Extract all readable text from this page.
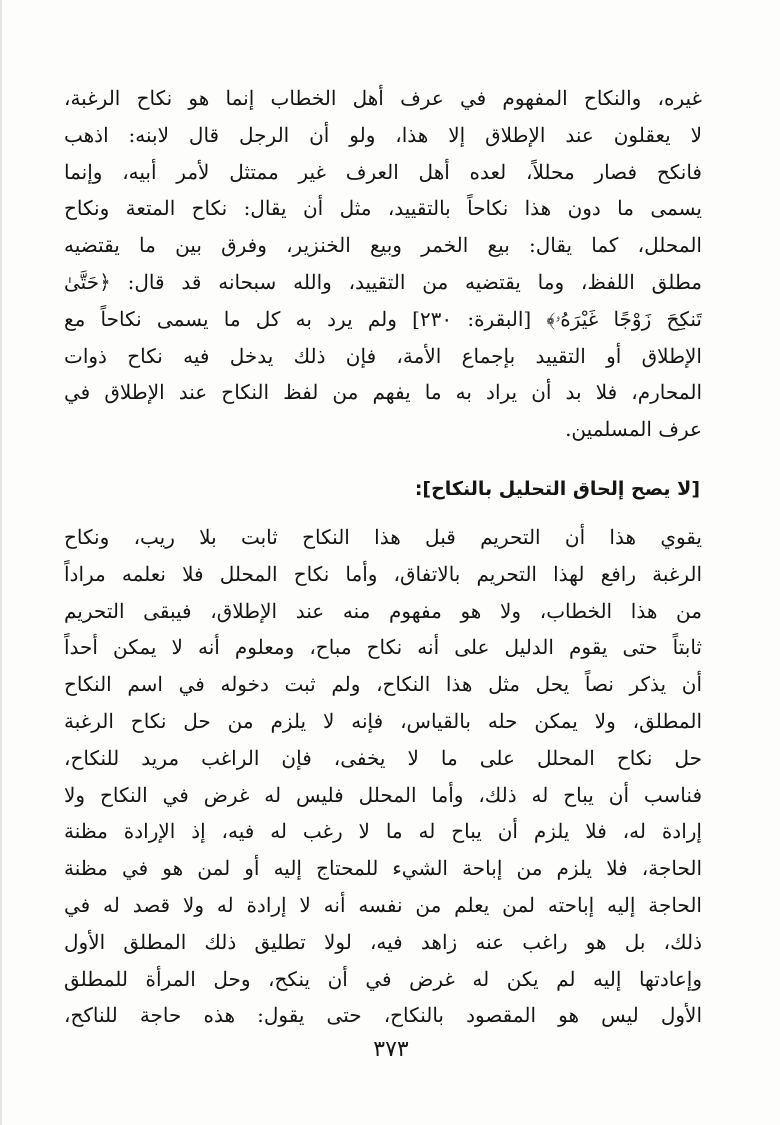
غيره، والنكاح المفهوم في عرف أهل الخطاب إنما هو نكاح الرغبة،
لا يعقلون عند الإطلاق إلا هذا، ولو أن الرجل قال لابنه: اذهب
فانكح فصار محللاً، لعده أهل العرف غير ممتثل لأمر أبيه، وإنما
يسمى ما دون هذا نكاحاً بالتقييد، مثل أن يقال: نكاح المتعة ونكاح
المحلل، كما يقال: بيع الخمر وبيع الخنزير، وفرق بين ما يقتضيه
مطلق اللفظ، وما يقتضيه من التقييد، والله سبحانه قد قال: ﴿حَتَّىٰ
تَنكِحَ زَوْجًا غَيْرَهُۥ﴾ [البقرة: ٢٣٠] ولم يرد به كل ما يسمى نكاحاً مع
الإطلاق أو التقييد بإجماع الأمة، فإن ذلك يدخل فيه نكاح ذوات
المحارم، فلا بد أن يراد به ما يفهم من لفظ النكاح عند الإطلاق في
عرف المسلمين.
[لا يصح إلحاق التحليل بالنكاح]:
يقوي هذا أن التحريم قبل هذا النكاح ثابت بلا ريب، ونكاح
الرغبة رافع لهذا التحريم بالاتفاق، وأما نكاح المحلل فلا نعلمه مراداً
من هذا الخطاب، ولا هو مفهوم منه عند الإطلاق، فيبقى التحريم
ثابتاً حتى يقوم الدليل على أنه نكاح مباح، ومعلوم أنه لا يمكن أحداً
أن يذكر نصاً يحل مثل هذا النكاح، ولم ثبت دخوله في اسم النكاح
المطلق، ولا يمكن حله بالقياس، فإنه لا يلزم من حل نكاح الرغبة
حل نكاح المحلل على ما لا يخفى، فإن الراغب مريد للنكاح،
فناسب أن يباح له ذلك، وأما المحلل فليس له غرض في النكاح ولا
إرادة له، فلا يلزم أن يباح له ما لا رغب له فيه، إذ الإرادة مظنة
الحاجة، فلا يلزم من إباحة الشيء للمحتاج إليه أو لمن هو في مظنة
الحاجة إليه إباحته لمن يعلم من نفسه أنه لا إرادة له ولا قصد له في
ذلك، بل هو راغب عنه زاهد فيه، لولا تطليق ذلك المطلق الأول
وإعادتها إليه لم يكن له غرض في أن ينكح، وحل المرأة للمطلق
الأول ليس هو المقصود بالنكاح، حتى يقول: هذه حاجة للناكح،
٣٧٣
